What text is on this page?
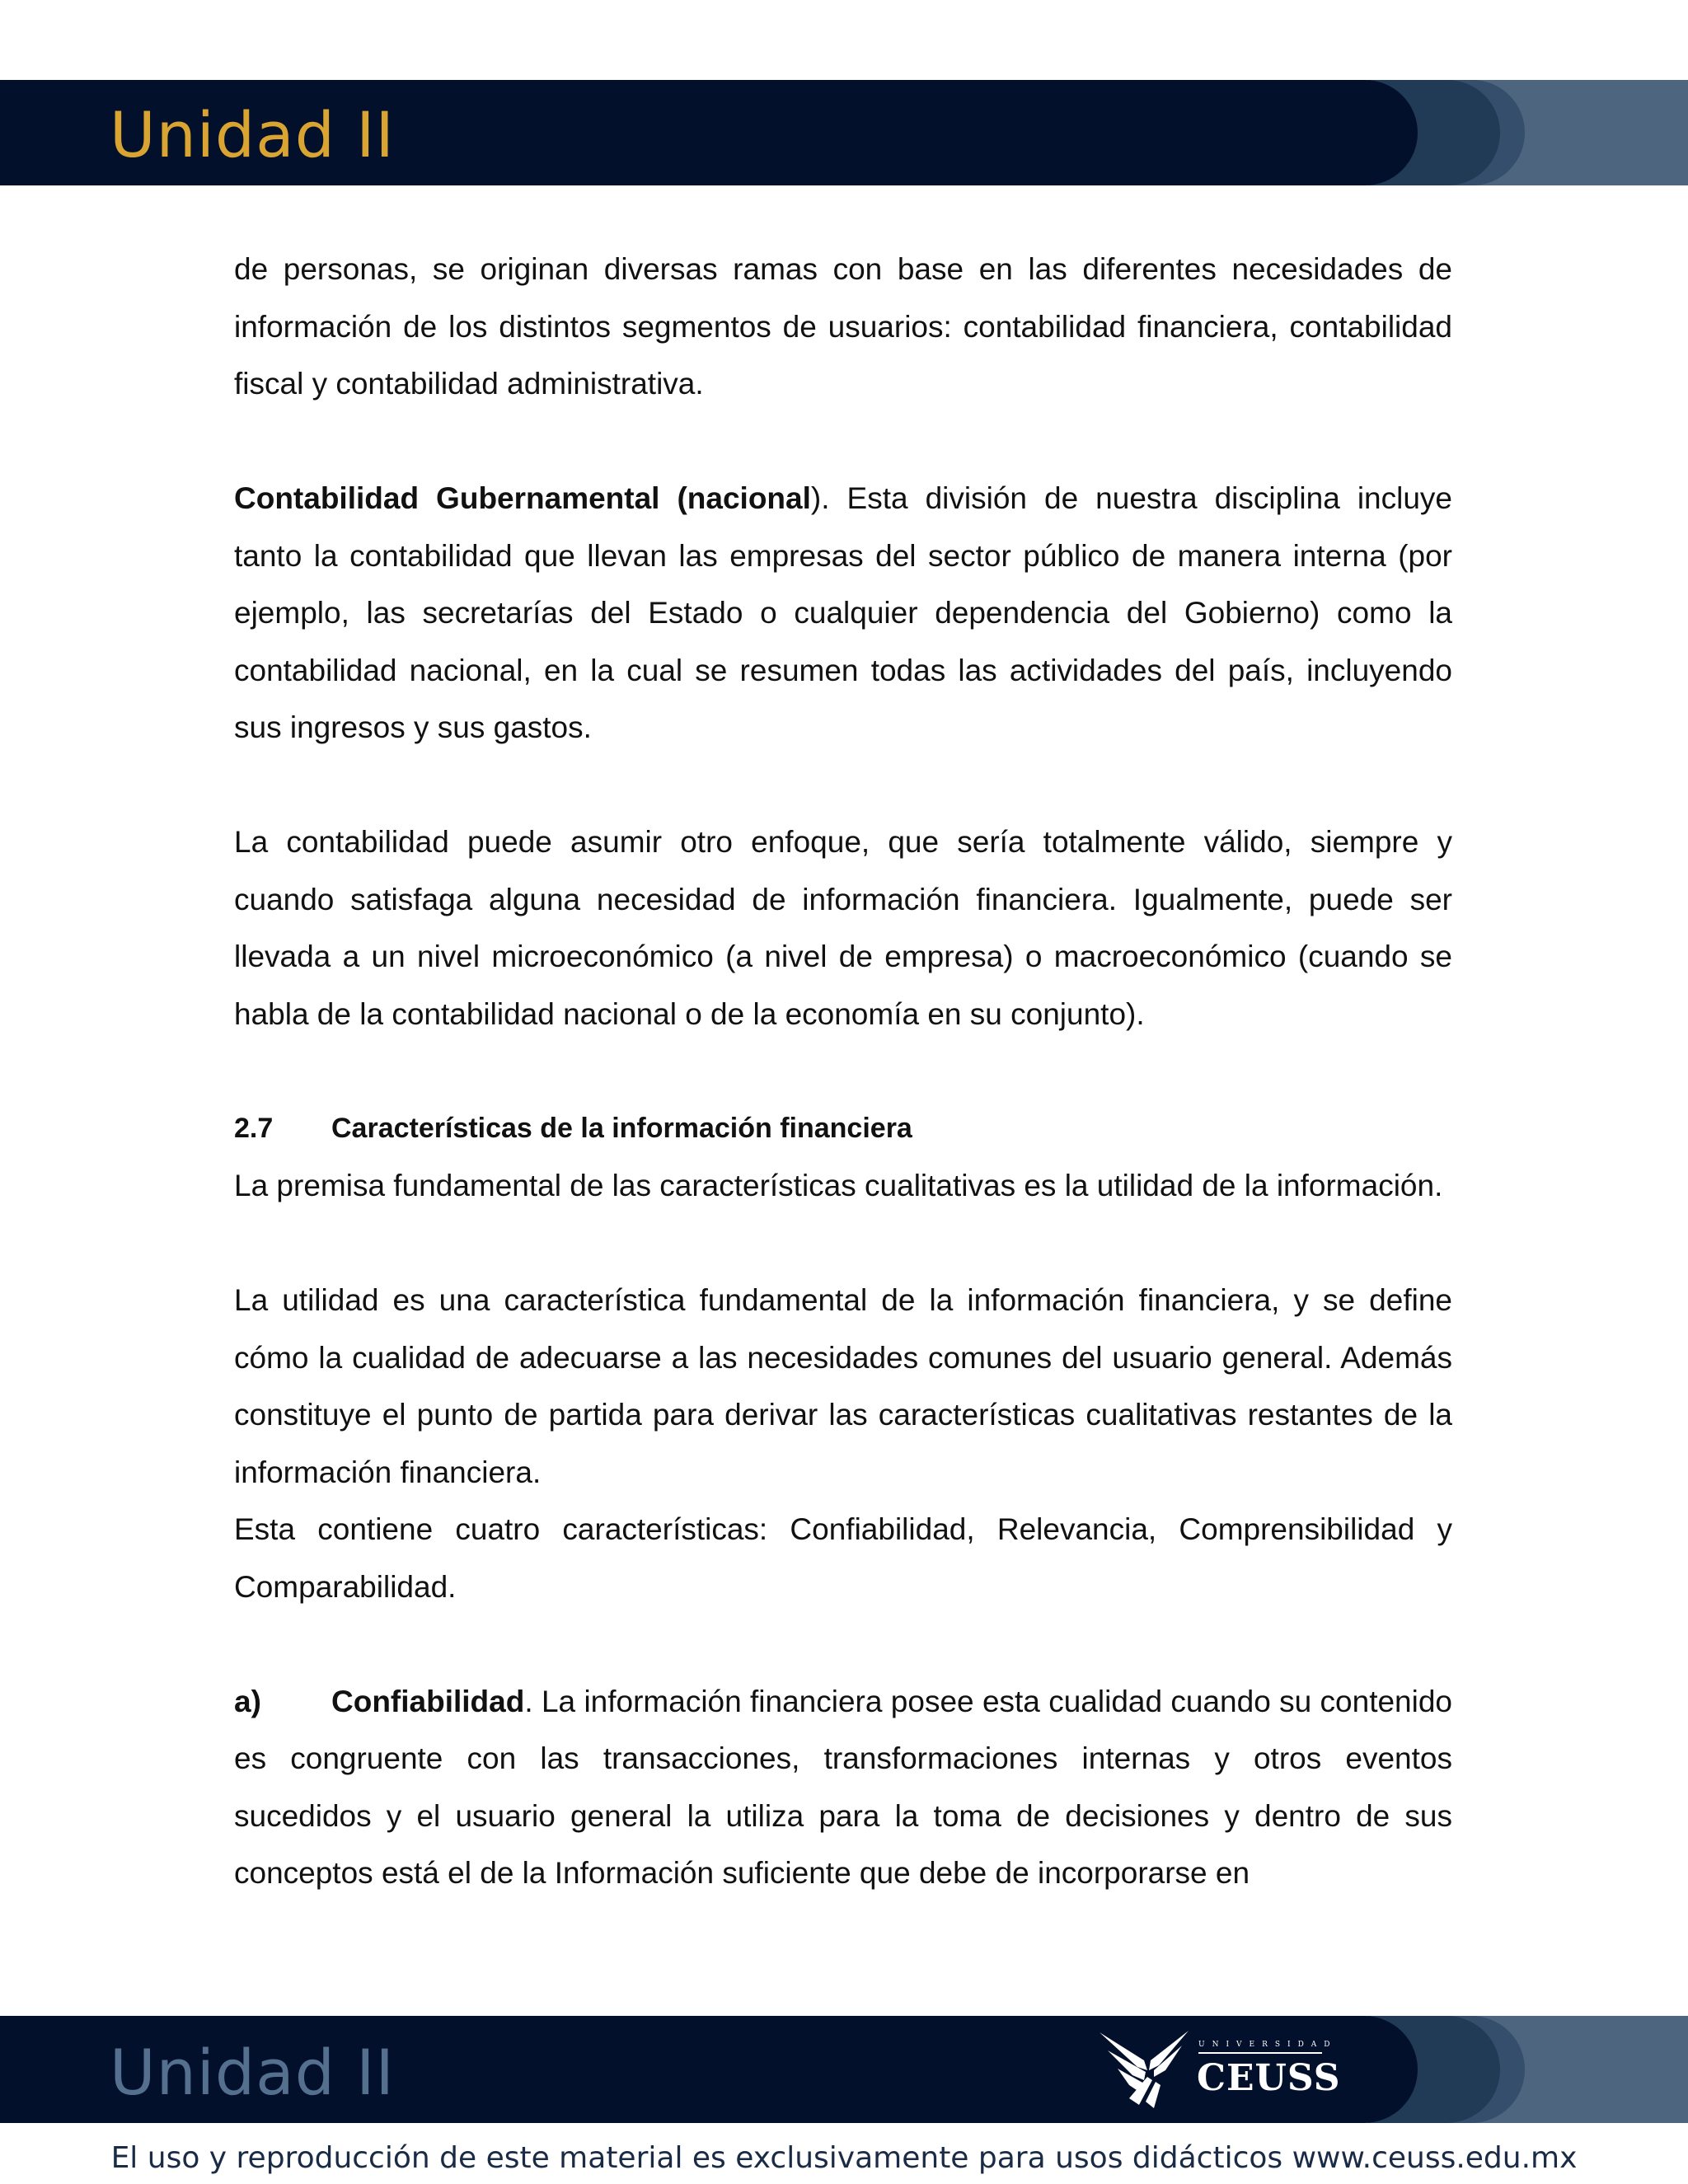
Unidad II

de personas, se originan diversas ramas con base en las diferentes necesidades de información de los distintos segmentos de usuarios: contabilidad financiera, contabilidad fiscal y contabilidad administrativa.

Contabilidad Gubernamental (nacional). Esta división de nuestra disciplina incluye tanto la contabilidad que llevan las empresas del sector público de manera interna (por ejemplo, las secretarías del Estado o cualquier dependencia del Gobierno) como la contabilidad nacional, en la cual se resumen todas las actividades del país, incluyendo sus ingresos y sus gastos.

La contabilidad puede asumir otro enfoque, que sería totalmente válido, siempre y cuando satisfaga alguna necesidad de información financiera. Igualmente, puede ser llevada a un nivel microeconómico (a nivel de empresa) o macroeconómico (cuando se habla de la contabilidad nacional o de la economía en su conjunto).

2.7 Características de la información financiera

La premisa fundamental de las características cualitativas es la utilidad de la información.

La utilidad es una característica fundamental de la información financiera, y se define cómo la cualidad de adecuarse a las necesidades comunes del usuario general. Además constituye el punto de partida para derivar las características cualitativas restantes de la información financiera.

Esta contiene cuatro características: Confiabilidad, Relevancia, Comprensibilidad y Comparabilidad.

a) Confiabilidad. La información financiera posee esta cualidad cuando su contenido es congruente con las transacciones, transformaciones internas y otros eventos sucedidos y el usuario general la utiliza para la toma de decisiones y dentro de sus conceptos está el de la Información suficiente que debe de incorporarse en

Unidad II	UNIVERSIDAD
CEUSS
El uso y reproducción de este material es exclusivamente para usos didácticos www.ceuss.edu.mx
